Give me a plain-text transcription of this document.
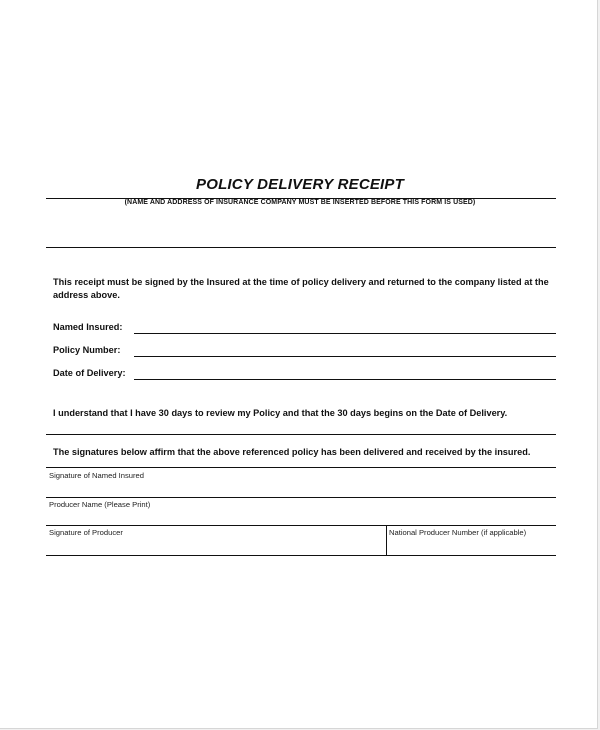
POLICY DELIVERY RECEIPT
(NAME AND ADDRESS OF INSURANCE COMPANY MUST BE INSERTED BEFORE THIS FORM IS USED)
This receipt must be signed by the Insured at the time of policy delivery and returned to the company listed at the address above.
Named Insured:
Policy Number:
Date of Delivery:
I understand that I have 30 days to review my Policy and that the 30 days begins on the Date of Delivery.
The signatures below affirm that the above referenced policy has been delivered and received by the insured.
Signature of Named Insured
Producer Name (Please Print)
Signature of Producer	National Producer Number (if applicable)
